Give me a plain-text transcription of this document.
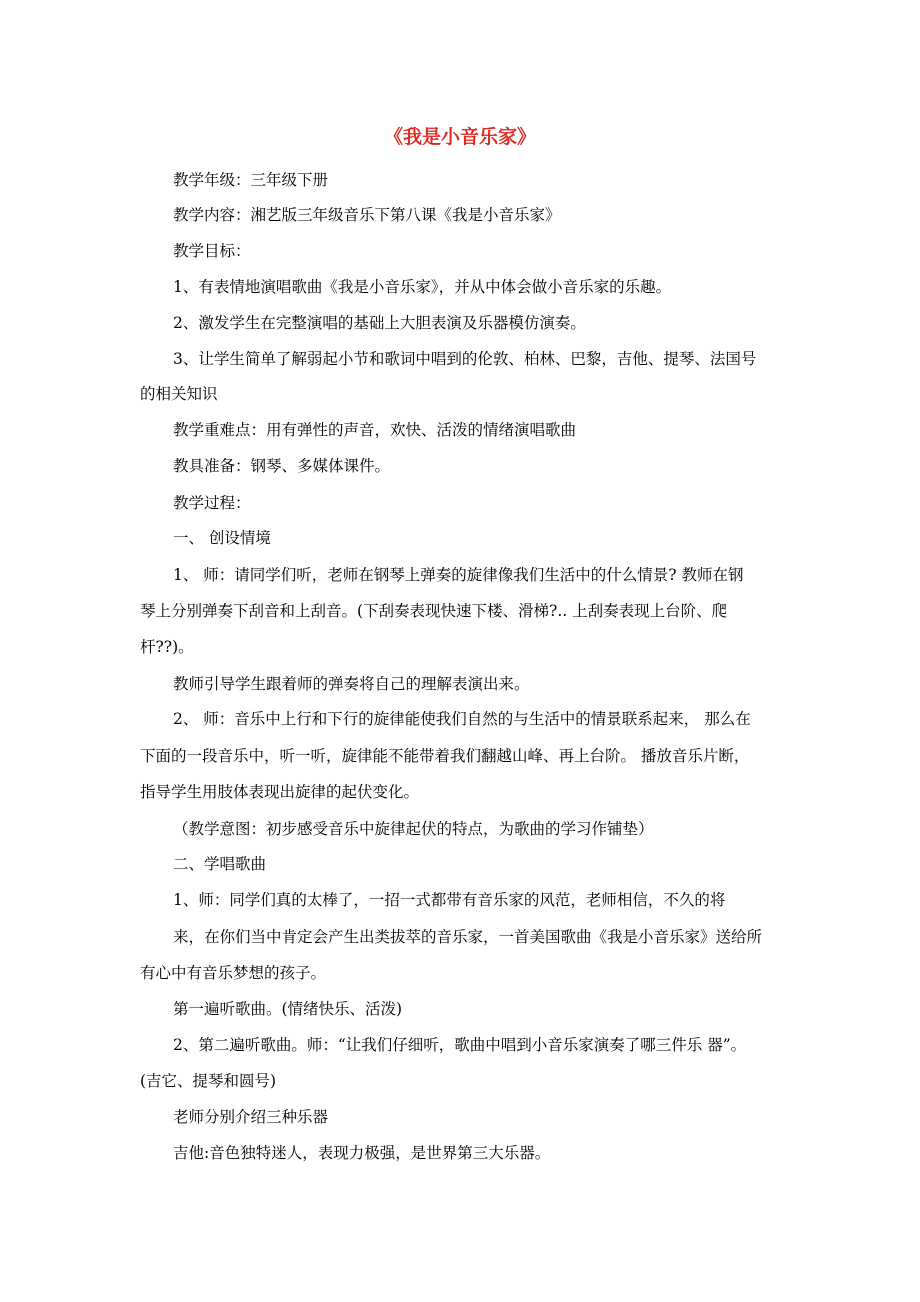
《我是小音乐家》
教学年级：三年级下册
教学内容：湘艺版三年级音乐下第八课《我是小音乐家》
教学目标：
1、有表情地演唱歌曲《我是小音乐家》，并从中体会做小音乐家的乐趣。
2、激发学生在完整演唱的基础上大胆表演及乐器模仿演奏。
3、让学生简单了解弱起小节和歌词中唱到的伦敦、柏林、巴黎，吉他、提琴、法国号
的相关知识
教学重难点：用有弹性的声音，欢快、活泼的情绪演唱歌曲
教具准备：钢琴、多媒体课件。
教学过程：
一、 创设情境
1、 师：请同学们听，老师在钢琴上弹奏的旋律像我们生活中的什么情景? 教师在钢
琴上分别弹奏下刮音和上刮音。(下刮奏表现快速下楼、滑梯?.. 上刮奏表现上台阶、爬
杆??)。
教师引导学生跟着师的弹奏将自己的理解表演出来。
2、 师：音乐中上行和下行的旋律能使我们自然的与生活中的情景联系起来， 那么在
下面的一段音乐中，听一听，旋律能不能带着我们翻越山峰、再上台阶。 播放音乐片断，
指导学生用肢体表现出旋律的起伏变化。
（教学意图：初步感受音乐中旋律起伏的特点，为歌曲的学习作铺垫）
二、学唱歌曲
1、师：同学们真的太棒了，一招一式都带有音乐家的风范，老师相信，不久的将
来，在你们当中肯定会产生出类拔萃的音乐家，一首美国歌曲《我是小音乐家》送给所
有心中有音乐梦想的孩子。
第一遍听歌曲。(情绪快乐、活泼)
2、第二遍听歌曲。师：“让我们仔细听，歌曲中唱到小音乐家演奏了哪三件乐 器”。
(吉它、提琴和圆号)
老师分别介绍三种乐器
吉他:音色独特迷人，表现力极强，是世界第三大乐器。
